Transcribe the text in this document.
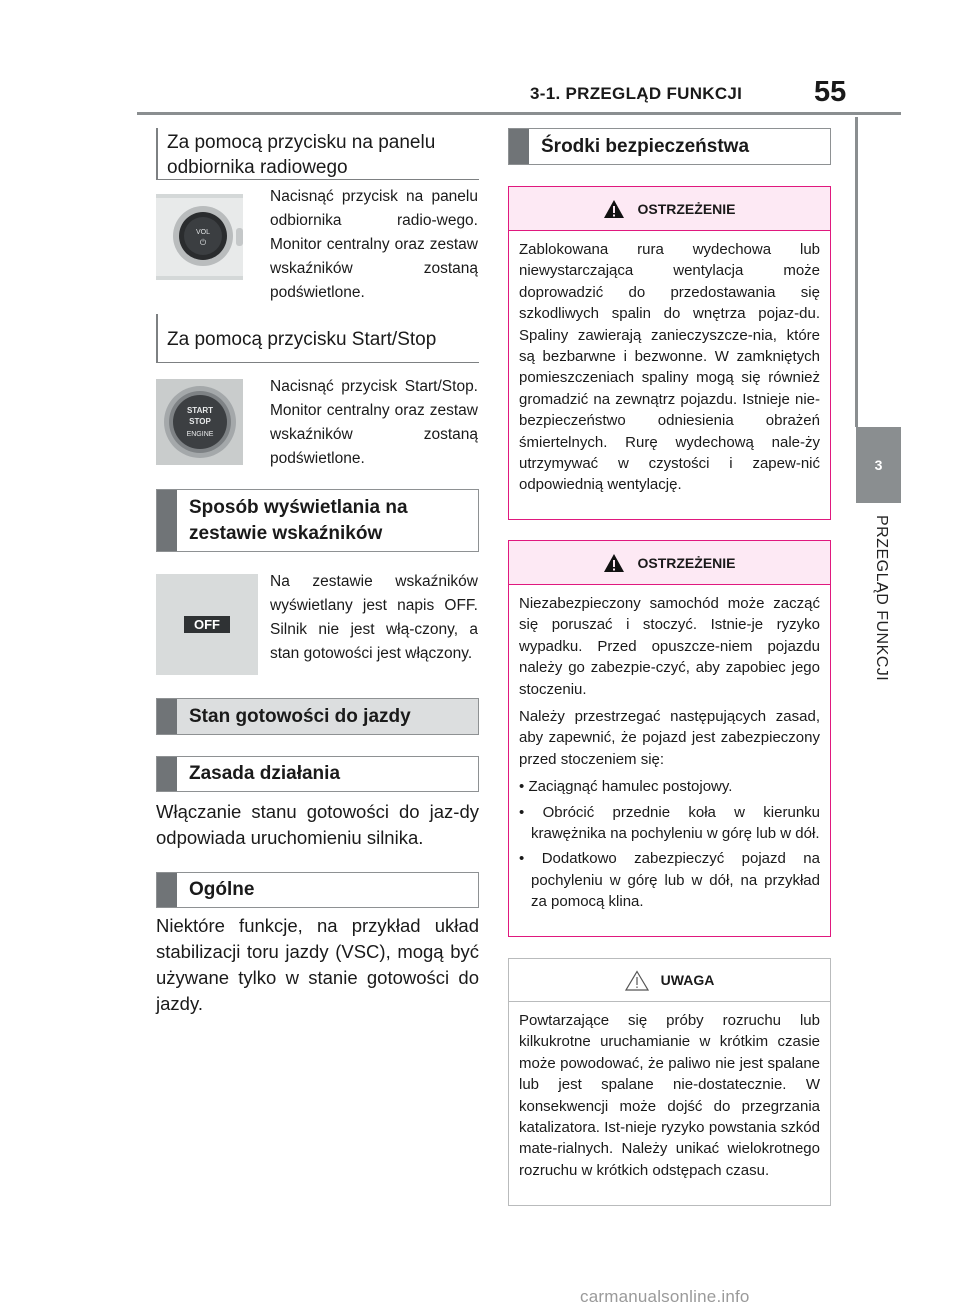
3-1. PRZEGLĄD FUNKCJI 55
3
PRZEGLĄD FUNKCJI
Za pomocą przycisku na panelu odbiornika radiowego
VOL
⏻
Nacisnąć przycisk na panelu odbiornika radio-wego. Monitor centralny oraz zestaw wskaźników zostaną podświetlone.
Za pomocą przycisku Start/Stop
START
STOP
ENGINE
Nacisnąć przycisk Start/Stop. Monitor centralny oraz zestaw wskaźników zostaną podświetlone.
Sposób wyświetlania na zestawie wskaźników
OFF
Na zestawie wskaźników wyświetlany jest napis OFF. Silnik nie jest włą-czony, a stan gotowości jest włączony.
Stan gotowości do jazdy
Zasada działania
Włączanie stanu gotowości do jaz-dy odpowiada uruchomieniu silnika.
Ogólne
Niektóre funkcje, na przykład układ stabilizacji toru jazdy (VSC), mogą być używane tylko w stanie gotowości do jazdy.
Środki bezpieczeństwa
OSTRZEŻENIE
Zablokowana rura wydechowa lub niewystarczająca wentylacja może doprowadzić do przedostawania się szkodliwych spalin do wnętrza pojaz-du. Spaliny zawierają zanieczyszcze-nia, które są bezbarwne i bezwonne. W zamkniętych pomieszczeniach spaliny mogą się również gromadzić na zewnątrz pojazdu. Istnieje nie-bezpieczeństwo odniesienia obrażeń śmiertelnych. Rurę wydechową nale-ży utrzymywać w czystości i zapew-nić odpowiednią wentylację.
OSTRZEŻENIE

Niezabezpieczony samochód może zacząć się poruszać i stoczyć. Istnie-je ryzyko wypadku. Przed opuszcze-niem pojazdu należy go zabezpie-czyć, aby zapobiec jego stoczeniu.

Należy przestrzegać następujących zasad, aby zapewnić, że pojazd jest zabezpieczony przed stoczeniem się:

• Zaciągnąć hamulec postojowy.
• Obrócić przednie koła w kierunku krawężnika na pochyleniu w górę lub w dół.
• Dodatkowo zabezpieczyć pojazd na pochyleniu w górę lub w dół, na przykład za pomocą klina.
UWAGA
Powtarzające się próby rozruchu lub kilkukrotne uruchamianie w krótkim czasie może powodować, że paliwo nie jest spalane lub jest spalane nie-dostatecznie. W konsekwencji może dojść do przegrzania katalizatora. Ist-nieje ryzyko powstania szkód mate-rialnych. Należy unikać wielokrotnego rozruchu w krótkich odstępach czasu.
carmanualsonline.info
